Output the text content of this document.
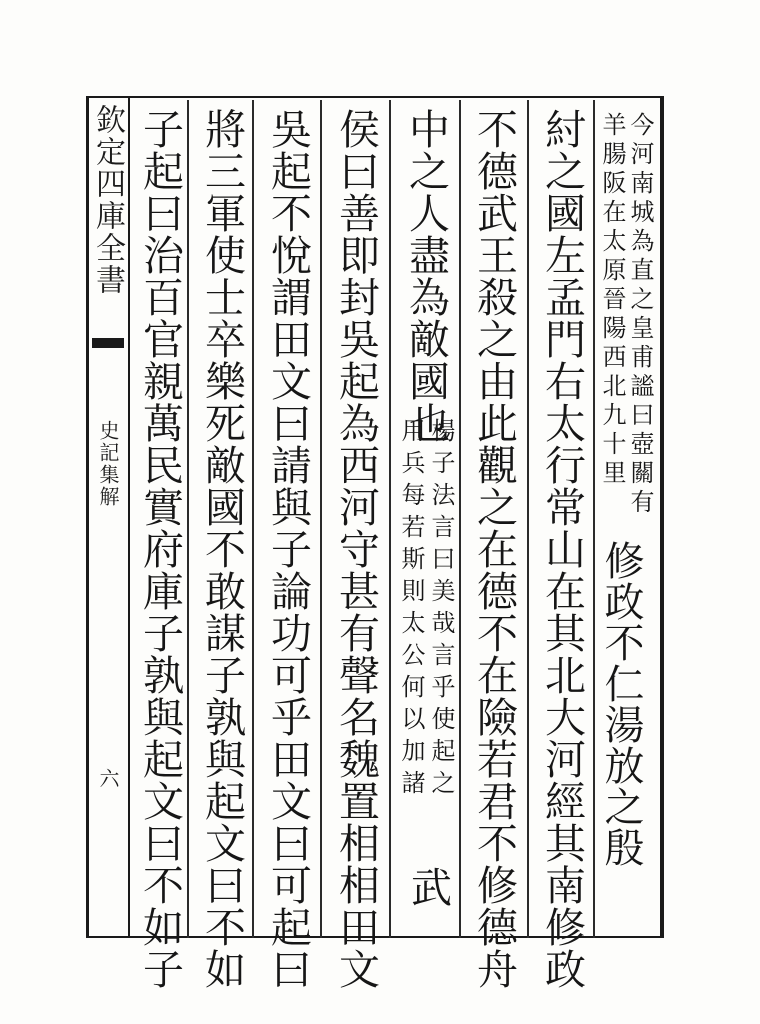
欽定四庫全書
史記集解
六
今河南城為直之皇甫謐曰壺關有
羊腸阪在太原晉陽西北九十里
修政不仁湯放之殷
紂之國左孟門右太行常山在其北大河經其南修政
不德武王殺之由此觀之在德不在險若君不修德舟
中之人盡為敵國也
楊子法言曰美哉言乎使起之
用兵每若斯則太公何以加諸
武
侯曰善即封吳起為西河守甚有聲名魏置相相田文
吳起不悅謂田文曰請與子論功可乎田文曰可起曰
將三軍使士卒樂死敵國不敢謀子孰與起文曰不如
子起曰治百官親萬民實府庫子孰與起文曰不如子
